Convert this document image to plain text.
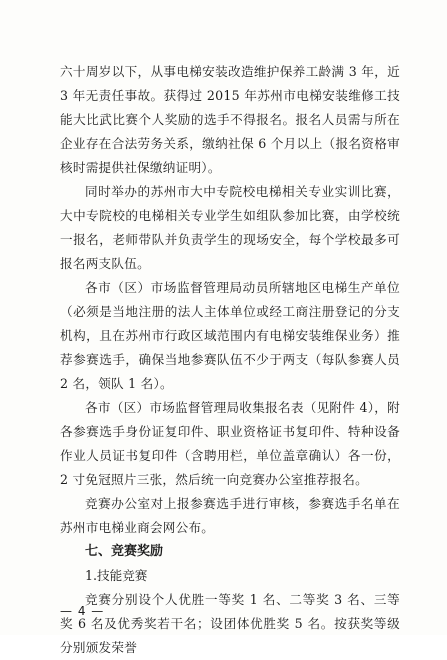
六十周岁以下，从事电梯安装改造维护保养工龄满 3 年，近 3 年无责任事故。获得过 2015 年苏州市电梯安装维修工技能大比武比赛个人奖励的选手不得报名。报名人员需与所在企业存在合法劳务关系，缴纳社保 6 个月以上（报名资格审核时需提供社保缴纳证明）。

同时举办的苏州市大中专院校电梯相关专业实训比赛，大中专院校的电梯相关专业学生如组队参加比赛，由学校统一报名，老师带队并负责学生的现场安全，每个学校最多可报名两支队伍。

各市（区）市场监督管理局动员所辖地区电梯生产单位（必须是当地注册的法人主体单位或经工商注册登记的分支机构，且在苏州市行政区域范围内有电梯安装维保业务）推荐参赛选手，确保当地参赛队伍不少于两支（每队参赛人员 2 名，领队 1 名）。

各市（区）市场监督管理局收集报名表（见附件 4），附各参赛选手身份证复印件、职业资格证书复印件、特种设备作业人员证书复印件（含聘用栏，单位盖章确认）各一份，2 寸免冠照片三张，然后统一向竞赛办公室推荐报名。

竞赛办公室对上报参赛选手进行审核，参赛选手名单在苏州市电梯业商会网公布。

七、竞赛奖励

1.技能竞赛

竞赛分别设个人优胜一等奖 1 名、二等奖 3 名、三等奖 6 名及优秀奖若干名；设团体优胜奖 5 名。按获奖等级分别颁发荣誉

— 4 —
